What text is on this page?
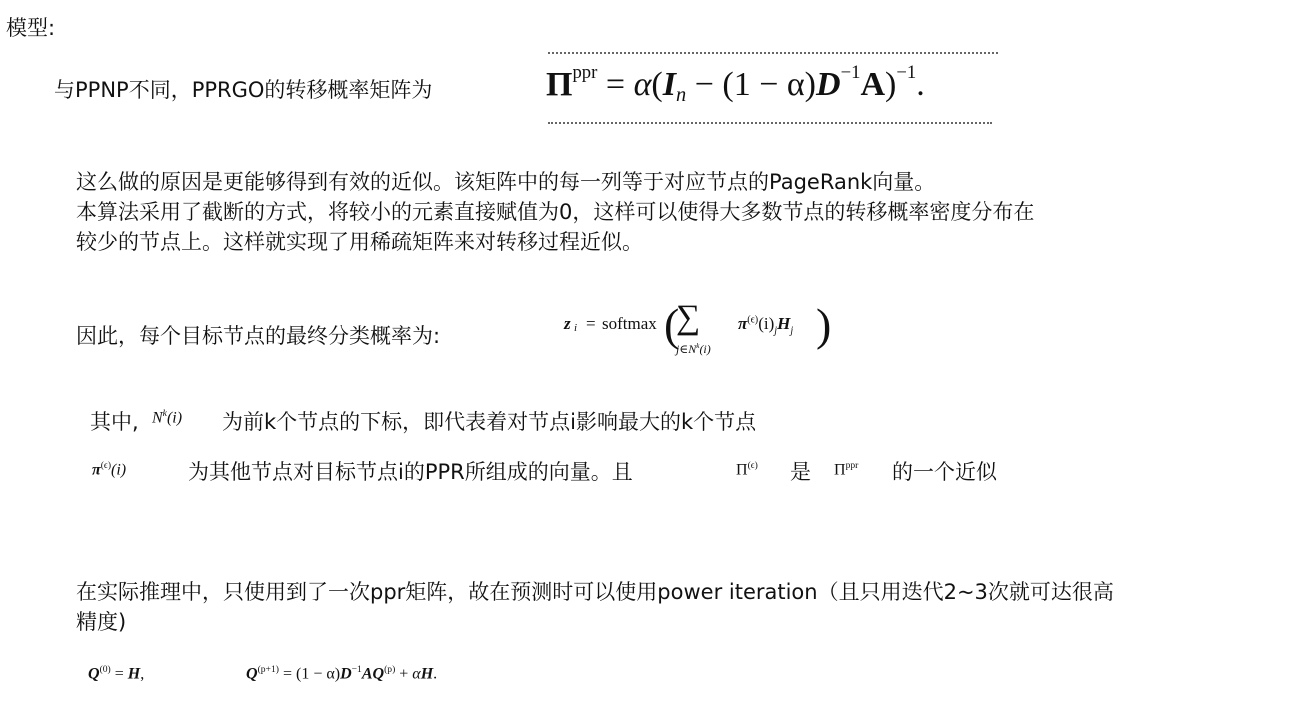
模型:
与PPNP不同，PPRGO的转移概率矩阵为	$\Pi^{ppr} = \alpha(I_n - (1 - \alpha)D^{-1}A)^{-1}$.
这么做的原因是更能够得到有效的近似。该矩阵中的每一列等于对应节点的PageRank向量。
本算法采用了截断的方式，将较小的元素直接赋值为0，这样可以使得大多数节点的转移概率密度分布在
较少的节点上。这样就实现了用稀疏矩阵来对转移过程近似。
因此，每个目标节点的最终分类概率为:
z i = softmax (
∑
$j\in N^k(i)$
$\pi^{(\epsilon)}(i)_jH_j$ )
其中, $N^k(i)$ 为前k个节点的下标，即代表着对节点i影响最大的k个节点
$\pi^{(\epsilon)}(i)$	为其他节点对目标节点i的PPR所组成的向量。且	$\Pi^{(\epsilon)}$ 是 $\Pi^{ppr}$ 的一个近似
在实际推理中，只使用到了一次ppr矩阵，故在预测时可以使用power iteration（且只用迭代2~3次就可达很高
精度)
$Q^{(0)} = H$,	$Q^{(p+1)} = (1 - \alpha)D^{-1}AQ^{(p)} + \alpha H$.
